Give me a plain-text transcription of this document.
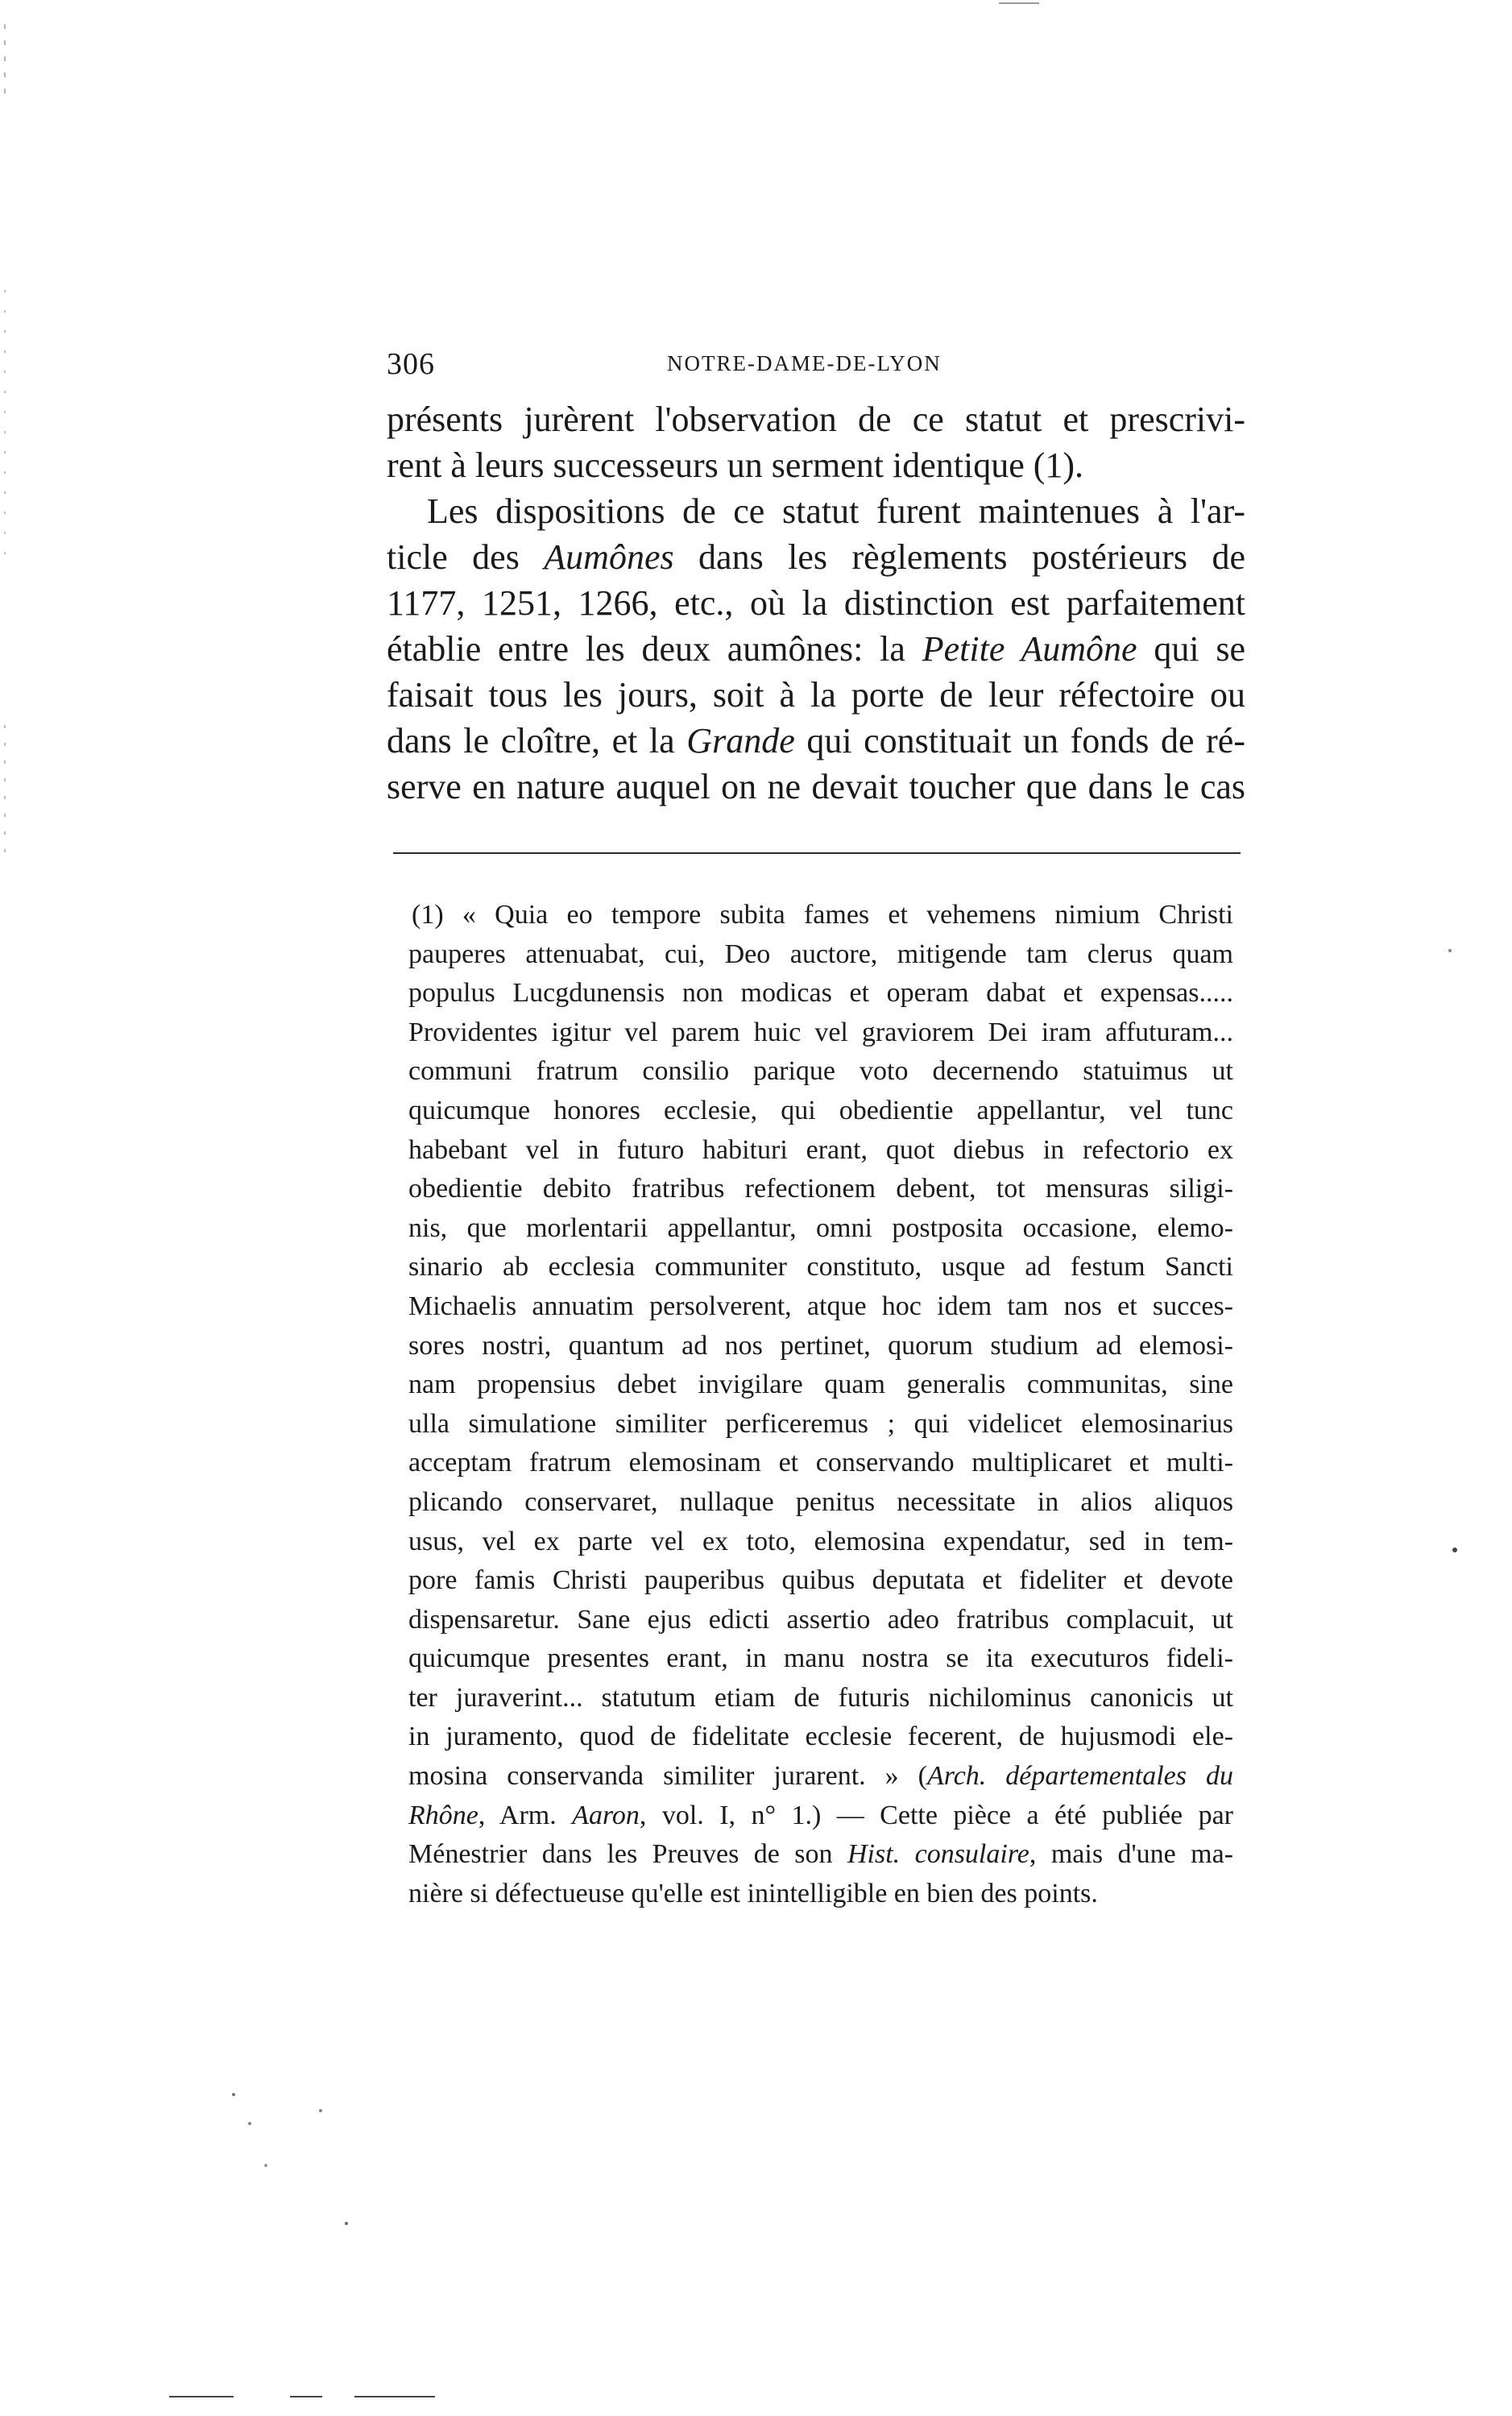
306	NOTRE-DAME-DE-LYON
présents jurèrent l'observation de ce statut et prescrivi-
rent à leurs successeurs un serment identique (1).
Les dispositions de ce statut furent maintenues à l'ar-
ticle des Aumônes dans les règlements postérieurs de
1177, 1251, 1266, etc., où la distinction est parfaitement
établie entre les deux aumônes: la Petite Aumône qui se
faisait tous les jours, soit à la porte de leur réfectoire ou
dans le cloître, et la Grande qui constituait un fonds de ré-
serve en nature auquel on ne devait toucher que dans le cas
(1) « Quia eo tempore subita fames et vehemens nimium Christi
pauperes attenuabat, cui, Deo auctore, mitigende tam clerus quam
populus Lucgdunensis non modicas et operam dabat et expensas.....
Providentes igitur vel parem huic vel graviorem Dei iram affuturam...
communi fratrum consilio parique voto decernendo statuimus ut
quicumque honores ecclesie, qui obedientie appellantur, vel tunc
habebant vel in futuro habituri erant, quot diebus in refectorio ex
obedientie debito fratribus refectionem debent, tot mensuras siligi-
nis, que morlentarii appellantur, omni postposita occasione, elemo-
sinario ab ecclesia communiter constituto, usque ad festum Sancti
Michaelis annuatim persolverent, atque hoc idem tam nos et succes-
sores nostri, quantum ad nos pertinet, quorum studium ad elemosi-
nam propensius debet invigilare quam generalis communitas, sine
ulla simulatione similiter perficeremus ; qui videlicet elemosinarius
acceptam fratrum elemosinam et conservando multiplicaret et multi-
plicando conservaret, nullaque penitus necessitate in alios aliquos
usus, vel ex parte vel ex toto, elemosina expendatur, sed in tem-
pore famis Christi pauperibus quibus deputata et fideliter et devote
dispensaretur. Sane ejus edicti assertio adeo fratribus complacuit, ut
quicumque presentes erant, in manu nostra se ita executuros fideli-
ter juraverint... statutum etiam de futuris nichilominus canonicis ut
in juramento, quod de fidelitate ecclesie fecerent, de hujusmodi ele-
mosina conservanda similiter jurarent. » (Arch. départementales du
Rhône, Arm. Aaron, vol. I, n° 1.) — Cette pièce a été publiée par
Ménestrier dans les Preuves de son Hist. consulaire, mais d'une ma-
nière si défectueuse qu'elle est inintelligible en bien des points.
